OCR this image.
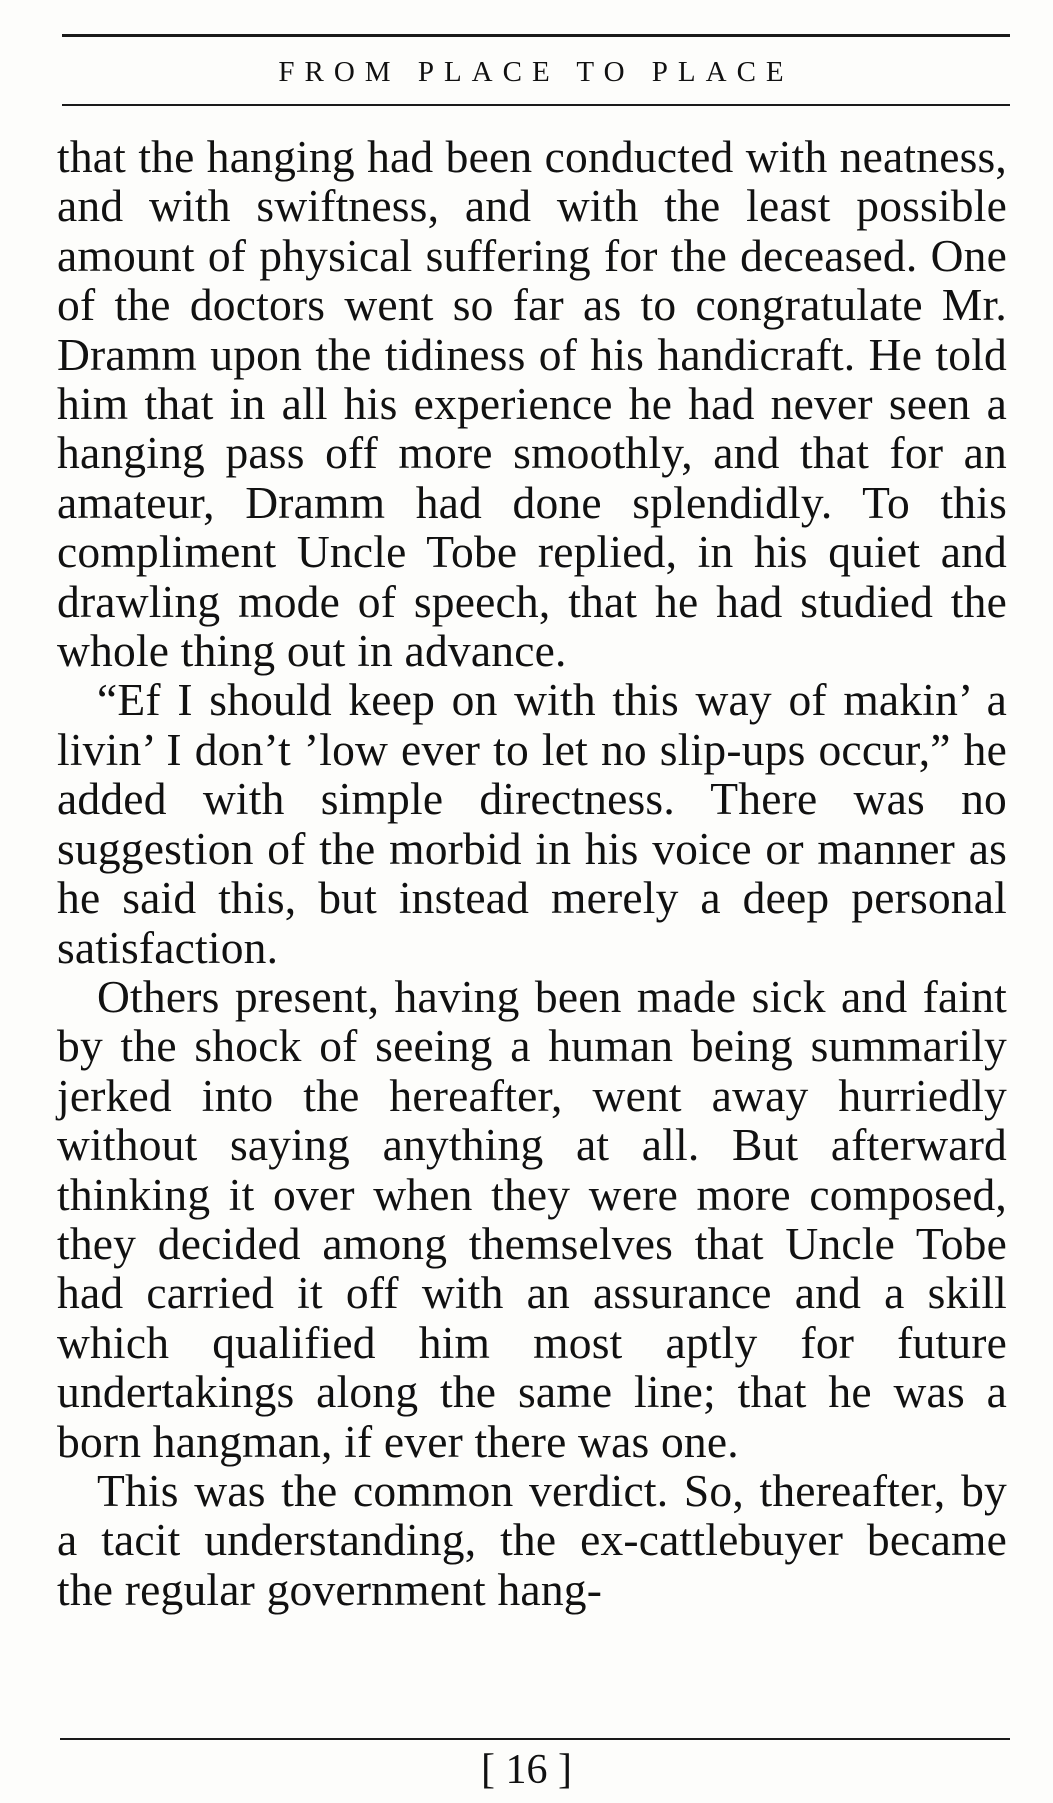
FROM PLACE TO PLACE

that the hanging had been conducted with neatness, and with swiftness, and with the least possible amount of physical suffering for the deceased. One of the doctors went so far as to congratulate Mr. Dramm upon the tidiness of his handicraft. He told him that in all his experience he had never seen a hanging pass off more smoothly, and that for an amateur, Dramm had done splendidly. To this compliment Uncle Tobe replied, in his quiet and drawling mode of speech, that he had studied the whole thing out in advance.

“Ef I should keep on with this way of makin’ a livin’ I don’t ’low ever to let no slip-ups occur,” he added with simple directness. There was no suggestion of the morbid in his voice or manner as he said this, but instead merely a deep personal satisfaction.

Others present, having been made sick and faint by the shock of seeing a human being summarily jerked into the hereafter, went away hurriedly without saying anything at all. But afterward thinking it over when they were more composed, they decided among themselves that Uncle Tobe had carried it off with an assurance and a skill which qualified him most aptly for future undertakings along the same line; that he was a born hangman, if ever there was one.

This was the common verdict. So, thereafter, by a tacit understanding, the ex-cattlebuyer became the regular government hang-

[ 16 ]
